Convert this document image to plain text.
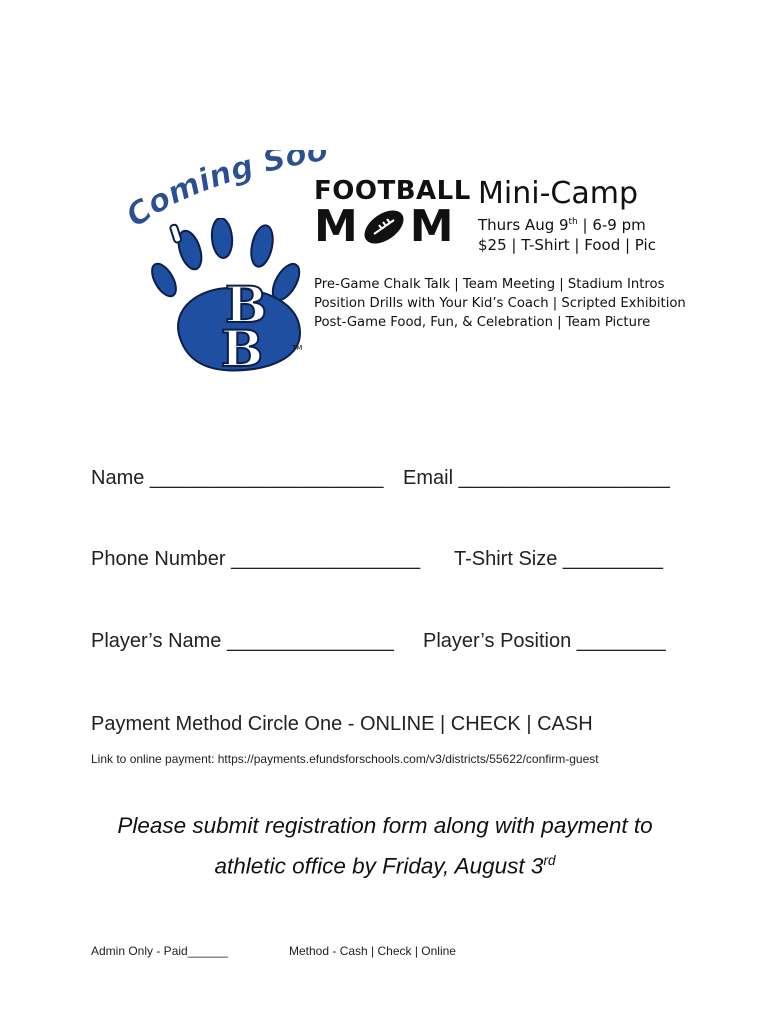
oming Soo
B
B	TM
FOOTBALL
M M
Mini-Camp
Thurs Aug 9th | 6-9 pm
$25 | T-Shirt | Food | Pic
Pre-Game Chalk Talk | Team Meeting | Stadium Intros
Position Drills with Your Kid’s Coach | Scripted Exhibition
Post-Game Food, Fun, & Celebration | Team Picture
Name _____________________ Email ___________________
Phone Number _________________ T-Shirt Size _________
Player’s Name _______________ Player’s Position ________
Payment Method Circle One - ONLINE | CHECK | CASH
Link to online payment: https://payments.efundsforschools.com/v3/districts/55622/confirm-guest
Please submit registration form along with payment to
athletic office by Friday, August 3rd
Admin Only - Paid______	Method - Cash | Check | Online
